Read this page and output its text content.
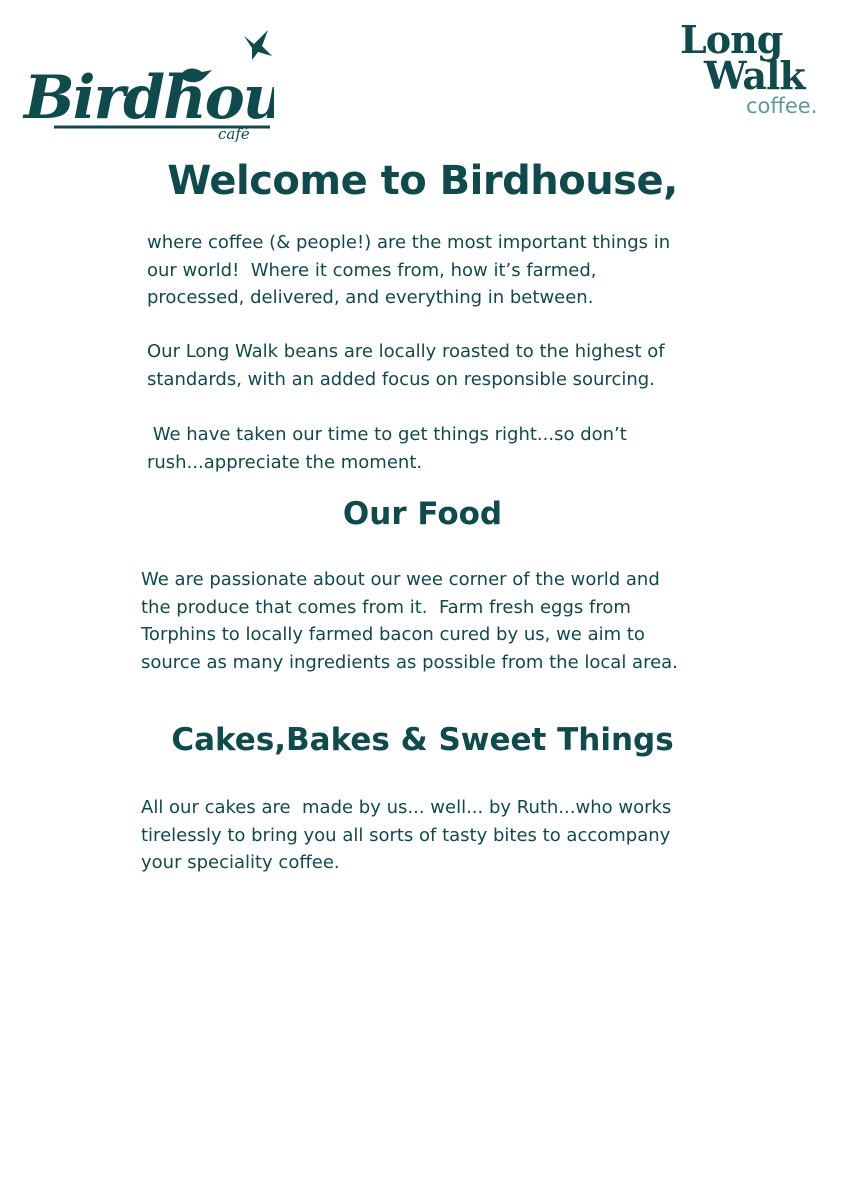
Birdho
café
Long
Walk
coffee.
Welcome to Birdhouse,
where coffee (& people!) are the most important things in
our world!  Where it comes from, how it’s farmed,
processed, delivered, and everything in between.
Our Long Walk beans are locally roasted to the highest of
standards, with an added focus on responsible sourcing.
We have taken our time to get things right...so don’t
rush...appreciate the moment.
Our Food
We are passionate about our wee corner of the world and
the produce that comes from it.  Farm fresh eggs from
Torphins to locally farmed bacon cured by us, we aim to
source as many ingredients as possible from the local area.
Cakes,Bakes & Sweet Things
All our cakes are  made by us... well... by Ruth...who works
tirelessly to bring you all sorts of tasty bites to accompany
your speciality coffee.
